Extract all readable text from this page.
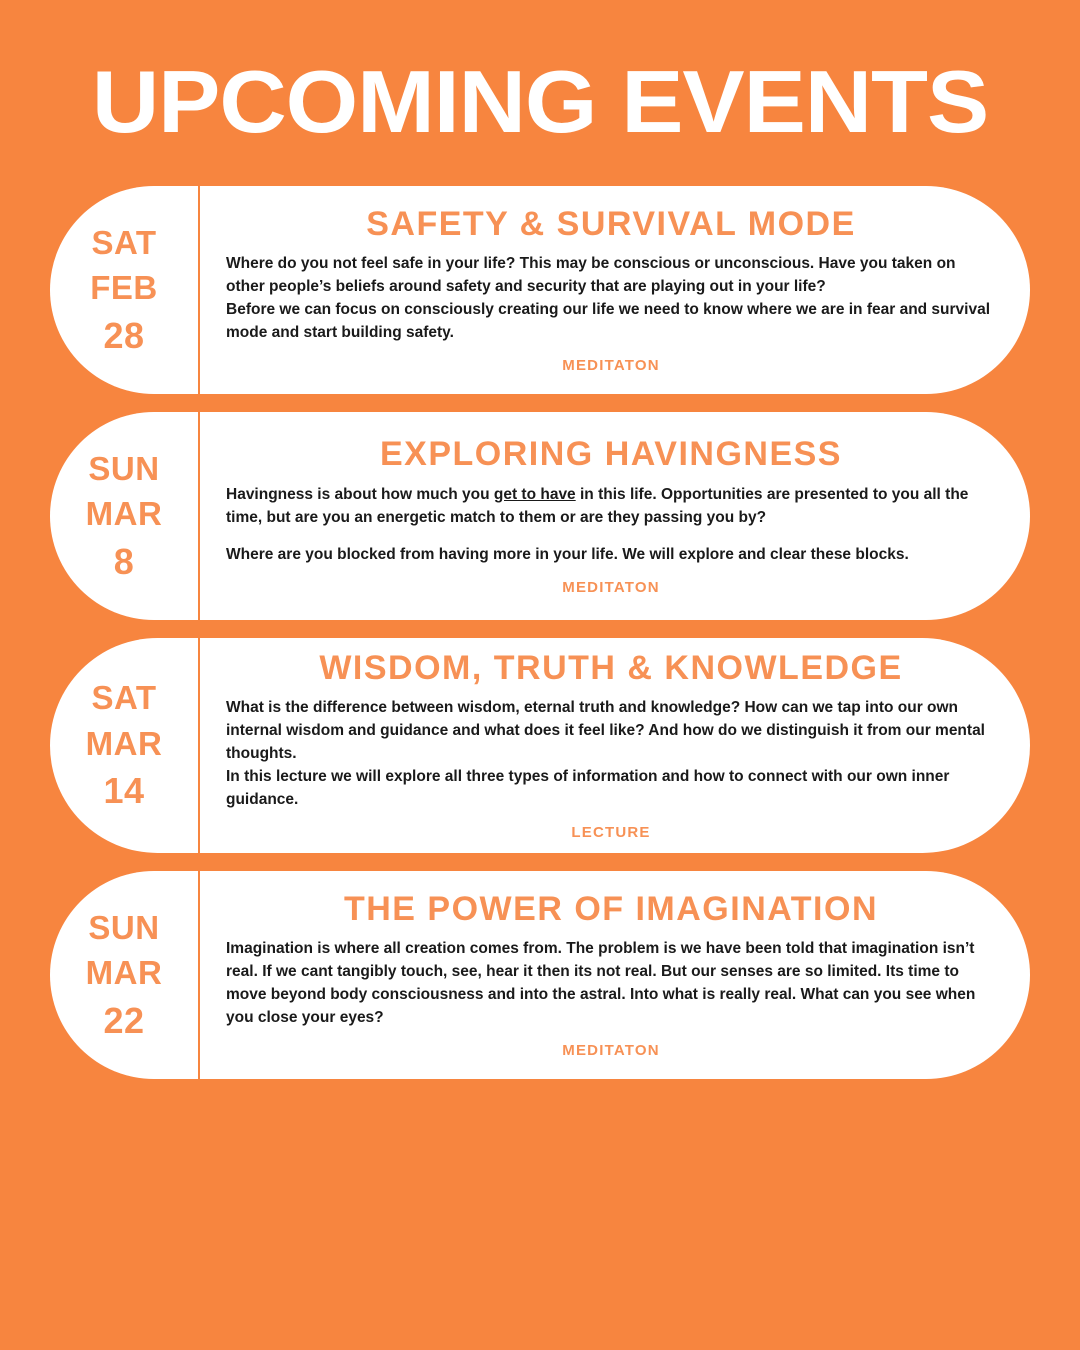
UPCOMING EVENTS
SAT
FEB
28
SAFETY & SURVIVAL MODE

Where do you not feel safe in your life? This may be conscious or unconscious. Have you taken on other people’s beliefs around safety and security that are playing out in your life?
Before we can focus on consciously creating our life we need to know where we are in fear and survival mode and start building safety.

MEDITATON
SUN
MAR
8
EXPLORING HAVINGNESS

Havingness is about how much you get to have in this life. Opportunities are presented to you all the time, but are you an energetic match to them or are they passing you by?
Where are you blocked from having more in your life. We will explore and clear these blocks.

MEDITATON
SAT
MAR
14
WISDOM, TRUTH & KNOWLEDGE

What is the difference between wisdom, eternal truth and knowledge? How can we tap into our own internal wisdom and guidance and what does it feel like? And how do we distinguish it from our mental thoughts.
In this lecture we will explore all three types of information and how to connect with our own inner guidance.

LECTURE
SUN
MAR
22
THE POWER OF IMAGINATION

Imagination is where all creation comes from. The problem is we have been told that imagination isn’t real. If we cant tangibly touch, see, hear it then its not real. But our senses are so limited. Its time to move beyond body consciousness and into the astral. Into what is really real. What can you see when you close your eyes?

MEDITATON
